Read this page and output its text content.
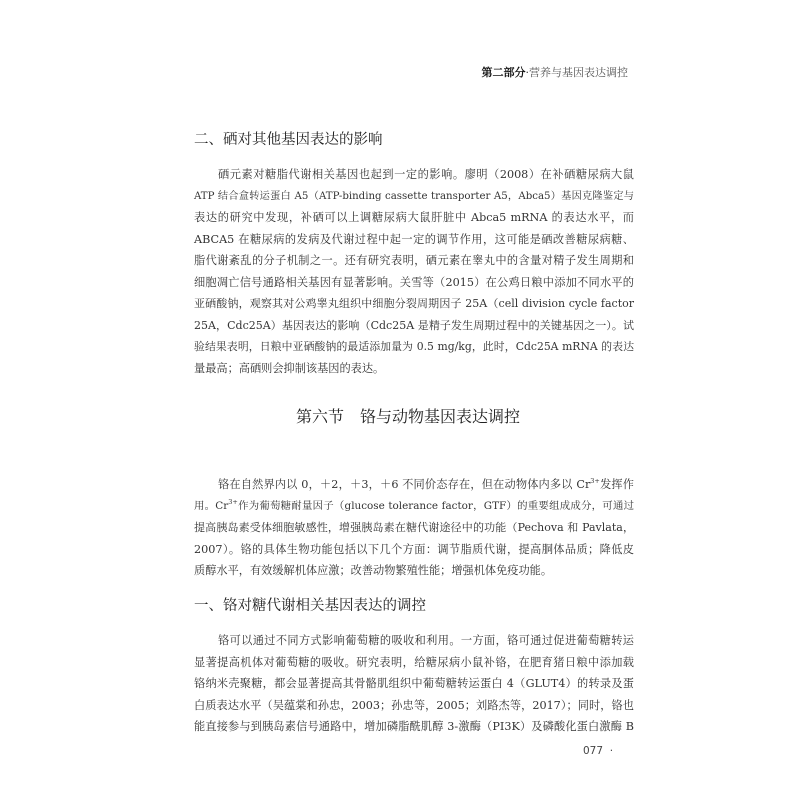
第二部分·营养与基因表达调控
二、硒对其他基因表达的影响
硒元素对糖脂代谢相关基因也起到一定的影响。廖明（2008）在补硒糖尿病大鼠
ATP 结合盒转运蛋白 A5（ATP-binding cassette transporter A5，Abca5）基因克隆鉴定与
表达的研究中发现，补硒可以上调糖尿病大鼠肝脏中 Abca5 mRNA 的表达水平，而
ABCA5 在糖尿病的发病及代谢过程中起一定的调节作用，这可能是硒改善糖尿病糖、
脂代谢紊乱的分子机制之一。还有研究表明，硒元素在睾丸中的含量对精子发生周期和
细胞凋亡信号通路相关基因有显著影响。关雪等（2015）在公鸡日粮中添加不同水平的
亚硒酸钠，观察其对公鸡睾丸组织中细胞分裂周期因子 25A（cell division cycle factor
25A，Cdc25A）基因表达的影响（Cdc25A 是精子发生周期过程中的关键基因之一）。试
验结果表明，日粮中亚硒酸钠的最适添加量为 0.5 mg/kg，此时，Cdc25A mRNA 的表达
量最高；高硒则会抑制该基因的表达。
第六节　铬与动物基因表达调控
铬在自然界内以 0，＋2，＋3，＋6 不同价态存在，但在动物体内多以 $Cr^{3+}$发挥作
用。$Cr^{3+}$作为葡萄糖耐量因子（glucose tolerance factor，GTF）的重要组成成分，可通过
提高胰岛素受体细胞敏感性，增强胰岛素在糖代谢途径中的功能（Pechova 和 Pavlata，
2007）。铬的具体生物功能包括以下几个方面：调节脂质代谢，提高胴体品质；降低皮
质醇水平，有效缓解机体应激；改善动物繁殖性能；增强机体免疫功能。
一、铬对糖代谢相关基因表达的调控
铬可以通过不同方式影响葡萄糖的吸收和利用。一方面，铬可通过促进葡萄糖转运
显著提高机体对葡萄糖的吸收。研究表明，给糖尿病小鼠补铬，在肥育猪日粮中添加载
铬纳米壳聚糖，都会显著提高其骨骼肌组织中葡萄糖转运蛋白 4（GLUT4）的转录及蛋
白质表达水平（吴蕴棠和孙忠，2003；孙忠等，2005；刘路杰等，2017）；同时，铬也
能直接参与到胰岛素信号通路中，增加磷脂酰肌醇 3-激酶（PI3K）及磷酸化蛋白激酶 B
077 ·
